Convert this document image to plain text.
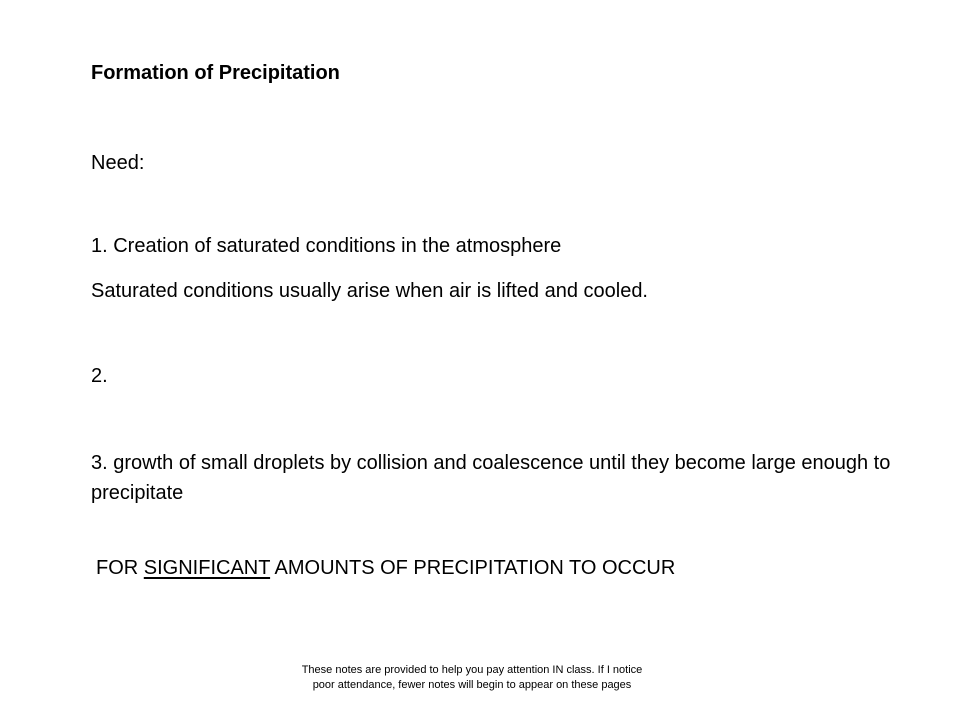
Formation of Precipitation
Need:
1. Creation of saturated conditions in the atmosphere
Saturated conditions usually arise when air is lifted and cooled.
2.
3. growth of small droplets by collision and coalescence until they become large enough to precipitate
FOR SIGNIFICANT AMOUNTS OF PRECIPITATION TO OCCUR
These notes are provided to help you pay attention IN class. If I notice
poor attendance, fewer notes will begin to appear on these pages
